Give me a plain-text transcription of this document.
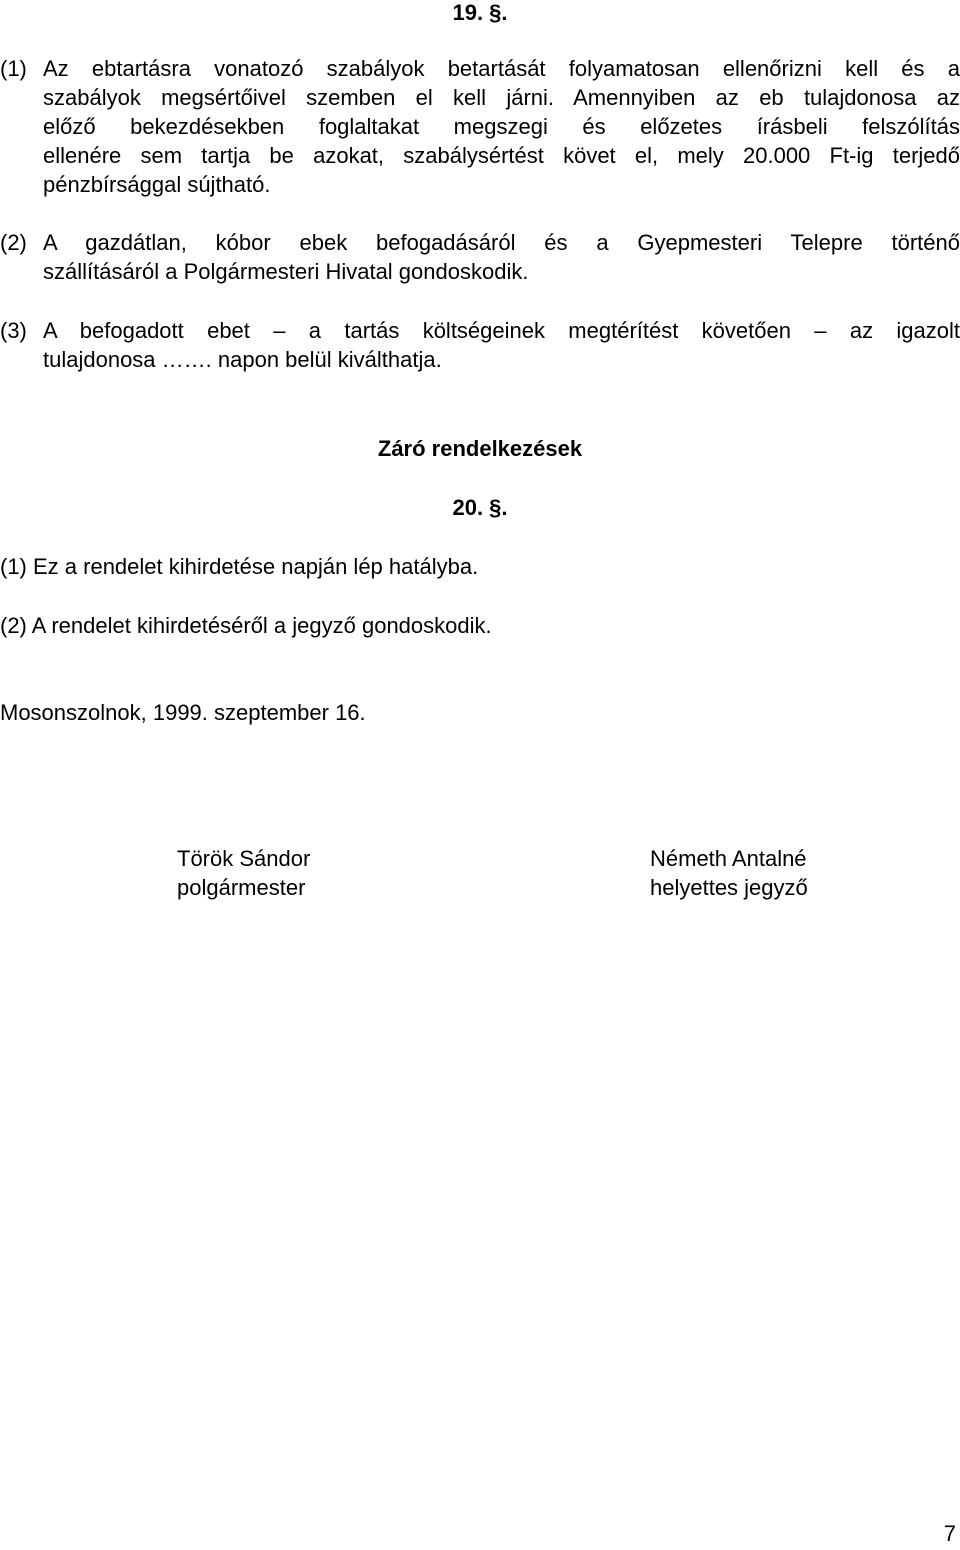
19. §.
(1) Az ebtartásra vonatozó szabályok betartását folyamatosan ellenőrizni kell és a
szabályok megsértőivel szemben el kell járni. Amennyiben az eb tulajdonosa az
előző bekezdésekben foglaltakat megszegi és előzetes írásbeli felszólítás
ellenére sem tartja be azokat, szabálysértést követ el, mely 20.000 Ft-ig terjedő
pénzbírsággal sújtható.
(2) A gazdátlan, kóbor ebek befogadásáról és a Gyepmesteri Telepre történő
szállításáról a Polgármesteri Hivatal gondoskodik.
(3) A befogadott ebet – a tartás költségeinek megtérítést követően – az igazolt
tulajdonosa ……. napon belül kiválthatja.
Záró rendelkezések
20. §.
(1) Ez a rendelet kihirdetése napján lép hatályba.
(2) A rendelet kihirdetéséről a jegyző gondoskodik.
Mosonszolnok, 1999. szeptember 16.
Török Sándor
polgármester
Németh Antalné
helyettes jegyző
7
